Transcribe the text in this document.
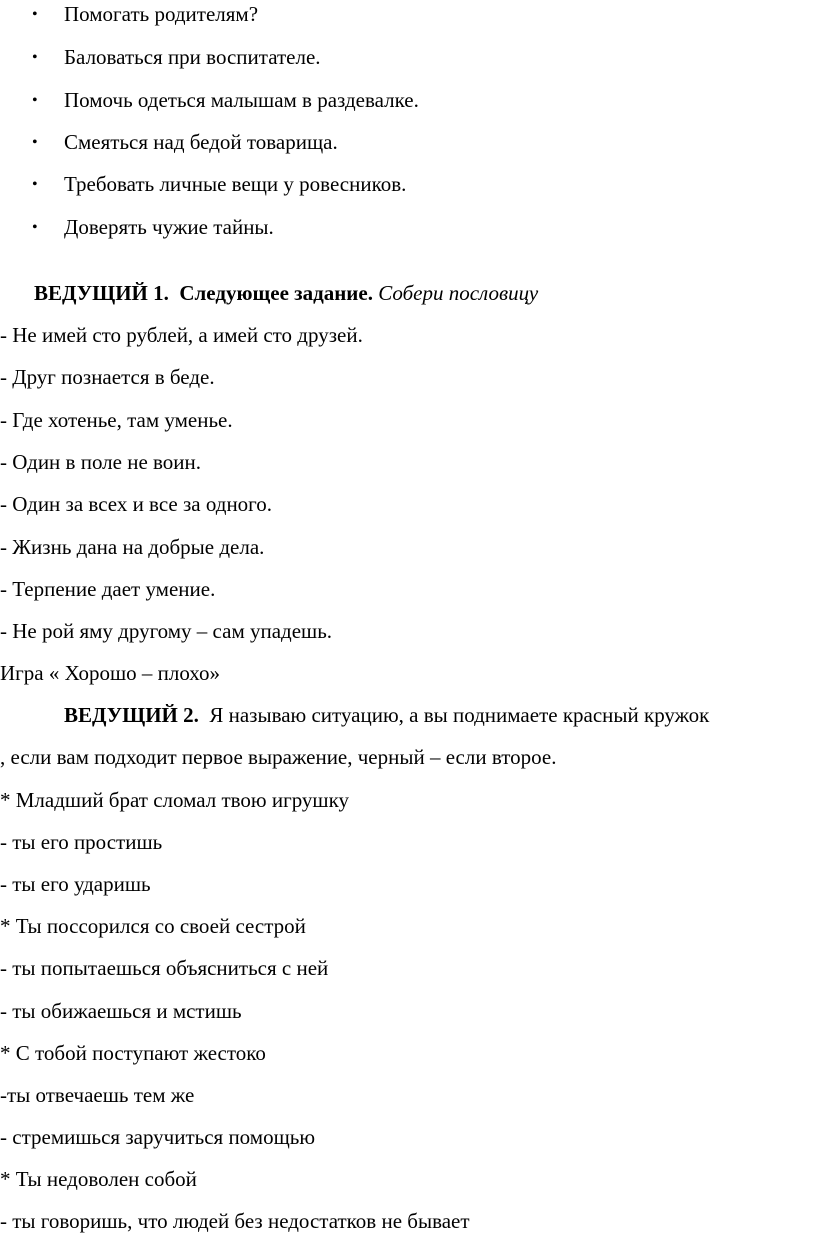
• Помогать родителям?
• Баловаться при воспитателе.
• Помочь одеться малышам в раздевалке.
• Смеяться над бедой товарища.
• Требовать личные вещи у ровесников.
• Доверять чужие тайны.
ВЕДУЩИЙ 1. Следующее задание. Собери пословицу
- Не имей сто рублей, а имей сто друзей.
- Друг познается в беде.
- Где хотенье, там уменье.
- Один в поле не воин.
- Один за всех и все за одного.
- Жизнь дана на добрые дела.
- Терпение дает умение.
- Не рой яму другому – сам упадешь.
Игра « Хорошо – плохо»
ВЕДУЩИЙ 2. Я называю ситуацию, а вы поднимаете красный кружок
, если вам подходит первое выражение, черный – если второе.
* Младший брат сломал твою игрушку
- ты его простишь
- ты его ударишь
* Ты поссорился со своей сестрой
- ты попытаешься объясниться с ней
- ты обижаешься и мстишь
* С тобой поступают жестоко
-ты отвечаешь тем же
- стремишься заручиться помощью
* Ты недоволен собой
- ты говоришь, что людей без недостатков не бывает
